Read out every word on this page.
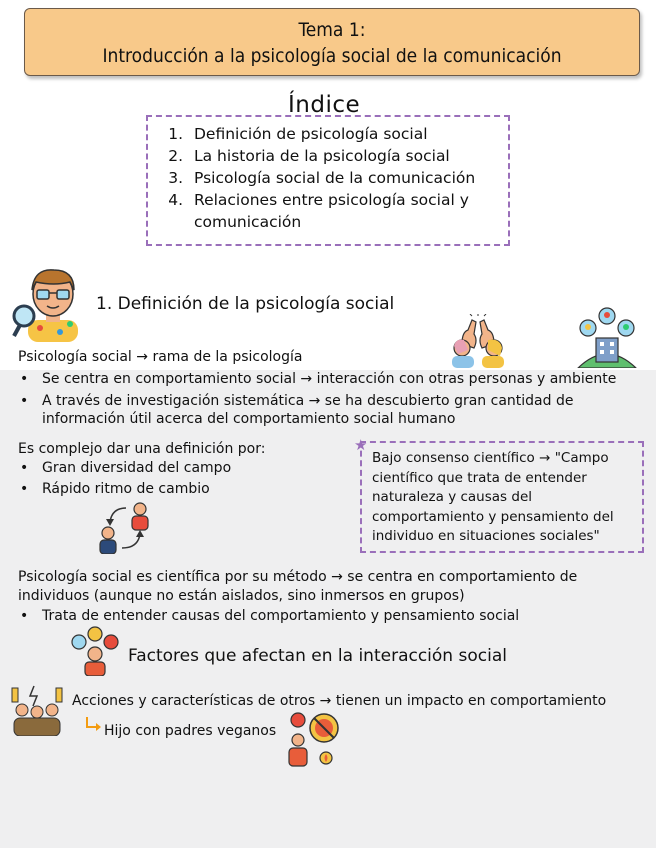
Tema 1:
Introducción a la psicología social de la comunicación
Índice
1. Definición de psicología social
2. La historia de la psicología social
3. Psicología social de la comunicación
4. Relaciones entre psicología social y comunicación
1. Definición de la psicología social
Psicología social → rama de la psicología
• Se centra en comportamiento social → interacción con otras personas y ambiente
• A través de investigación sistemática → se ha descubierto gran cantidad de información útil acerca del comportamiento social humano
Es complejo dar una definición por:
• Gran diversidad del campo
• Rápido ritmo de cambio
★
Bajo consenso científico → "Campo científico que trata de entender naturaleza y causas del comportamiento y pensamiento del individuo en situaciones sociales"
Psicología social es científica por su método → se centra en comportamiento de
individuos (aunque no están aislados, sino inmersos en grupos)
• Trata de entender causas del comportamiento y pensamiento social
Factores que afectan en la interacción social
Acciones y características de otros → tienen un impacto en comportamiento
Hijo con padres veganos
